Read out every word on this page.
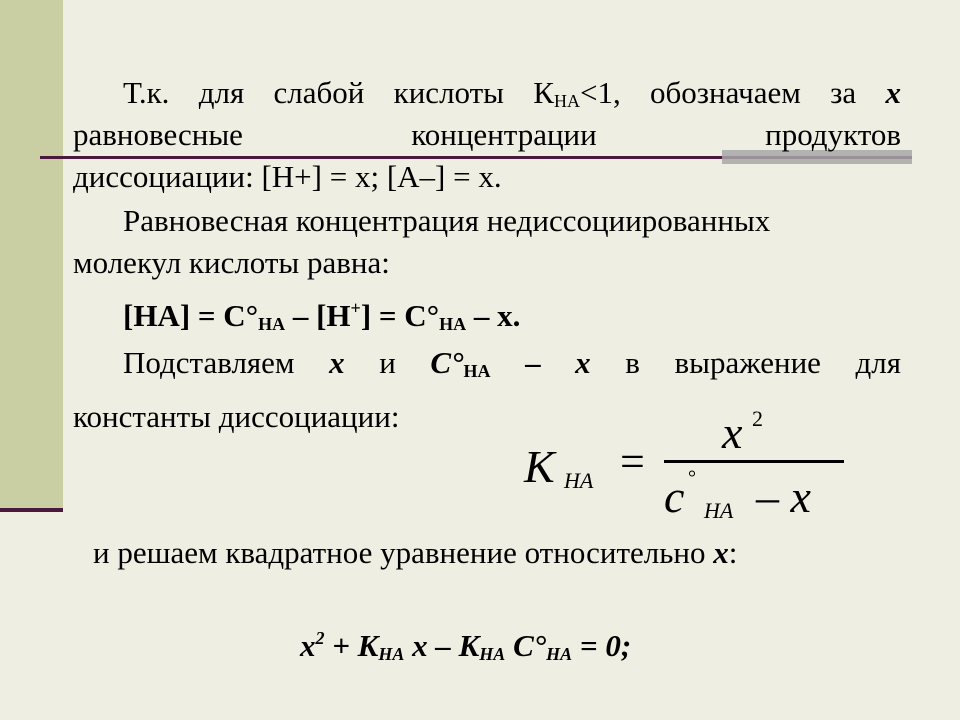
Т.к. для слабой кислоты $К_{НА}<1$, обозначаем за x
равновесные концентрации продуктов
диссоциации: [H+] = x; [A–] = x.
Равновесная концентрация недиссоциированных
молекул кислоты равна:
$[HA] = C^\circ_{HA} - [H^+] = C^\circ_{HA} - x$.
Подставляем x и $C^\circ_{HA}$ – x в выражение для
константы диссоциации:
K HA =
x 2
c °
HA – x
и решаем квадратное уравнение относительно x:
$x^2 + K_{HA}$ x – $K_{HA}$ $C^\circ_{HA} = 0$;
